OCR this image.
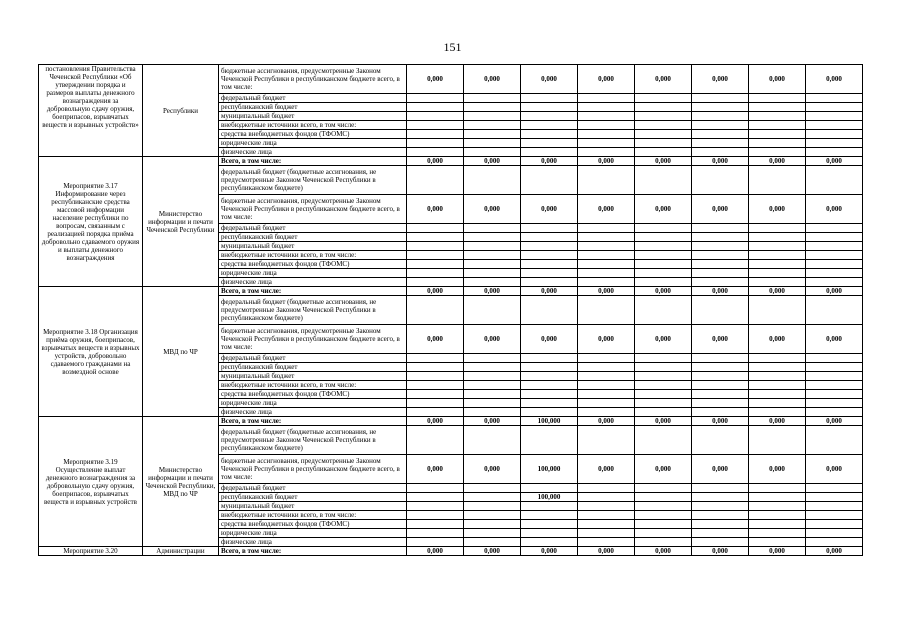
151
постановления Правительства Чеченской Республики «Об утверждении порядка и размеров выплаты денежного вознаграждения за добровольную сдачу оружия, боеприпасов, взрывчатых веществ и взрывных устройств»	Республики	бюджетные ассигнования, предусмотренные Законом Чеченской Республики в республиканском бюджете всего, в том числе:	0,000	0,000	0,000	0,000	0,000	0,000	0,000	0,000
		федеральный бюджет								
		республиканский бюджет								
		муниципальный бюджет								
		внебюджетные источники всего, в том числе:								
		средства внебюджетных фондов (ТФОМС)								
		юридические лица								
		физические лица								
Мероприятие 3.17 Информирование через республиканские средства массовой информации население республики по вопросам, связанным с реализацией порядка приёма добровольно сдаваемого оружия и выплаты денежного вознаграждения	Министерство информации и печати Чеченской Республики	Всего, в том числе:	0,000	0,000	0,000	0,000	0,000	0,000	0,000	0,000
		федеральный бюджет (бюджетные ассигнования, не предусмотренные Законом Чеченской Республики в республиканском бюджете)								
		бюджетные ассигнования, предусмотренные Законом Чеченской Республики в республиканском бюджете всего, в том числе:	0,000	0,000	0,000	0,000	0,000	0,000	0,000	0,000
		федеральный бюджет								
		республиканский бюджет								
		муниципальный бюджет								
		внебюджетные источники всего, в том числе:								
		средства внебюджетных фондов (ТФОМС)								
		юридические лица								
		физические лица								
Мероприятие 3.18 Организация приёма оружия, боеприпасов, взрывчатых веществ и взрывных устройств, добровольно сдаваемого гражданами на возмездной основе	МВД по ЧР	Всего, в том числе:	0,000	0,000	0,000	0,000	0,000	0,000	0,000	0,000
		федеральный бюджет (бюджетные ассигнования, не предусмотренные Законом Чеченской Республики в республиканском бюджете)								
		бюджетные ассигнования, предусмотренные Законом Чеченской Республики в республиканском бюджете всего, в том числе:	0,000	0,000	0,000	0,000	0,000	0,000	0,000	0,000
		федеральный бюджет								
		республиканский бюджет								
		муниципальный бюджет								
		внебюджетные источники всего, в том числе:								
		средства внебюджетных фондов (ТФОМС)								
		юридические лица								
		физические лица								
Мероприятие 3.19 Осуществление выплат денежного вознаграждения за добровольную сдачу оружия, боеприпасов, взрывчатых веществ и взрывных устройств	Министерство информации и печати Чеченской Республики, МВД по ЧР	Всего, в том числе:	0,000	0,000	100,000	0,000	0,000	0,000	0,000	0,000
		федеральный бюджет (бюджетные ассигнования, не предусмотренные Законом Чеченской Республики в республиканском бюджете)								
		бюджетные ассигнования, предусмотренные Законом Чеченской Республики в республиканском бюджете всего, в том числе:	0,000	0,000	100,000	0,000	0,000	0,000	0,000	0,000
		федеральный бюджет								
		республиканский бюджет			100,000					
		муниципальный бюджет								
		внебюджетные источники всего, в том числе:								
		средства внебюджетных фондов (ТФОМС)								
		юридические лица								
		физические лица								
Мероприятие 3.20	Администрации	Всего, в том числе:	0,000	0,000	0,000	0,000	0,000	0,000	0,000	0,000
